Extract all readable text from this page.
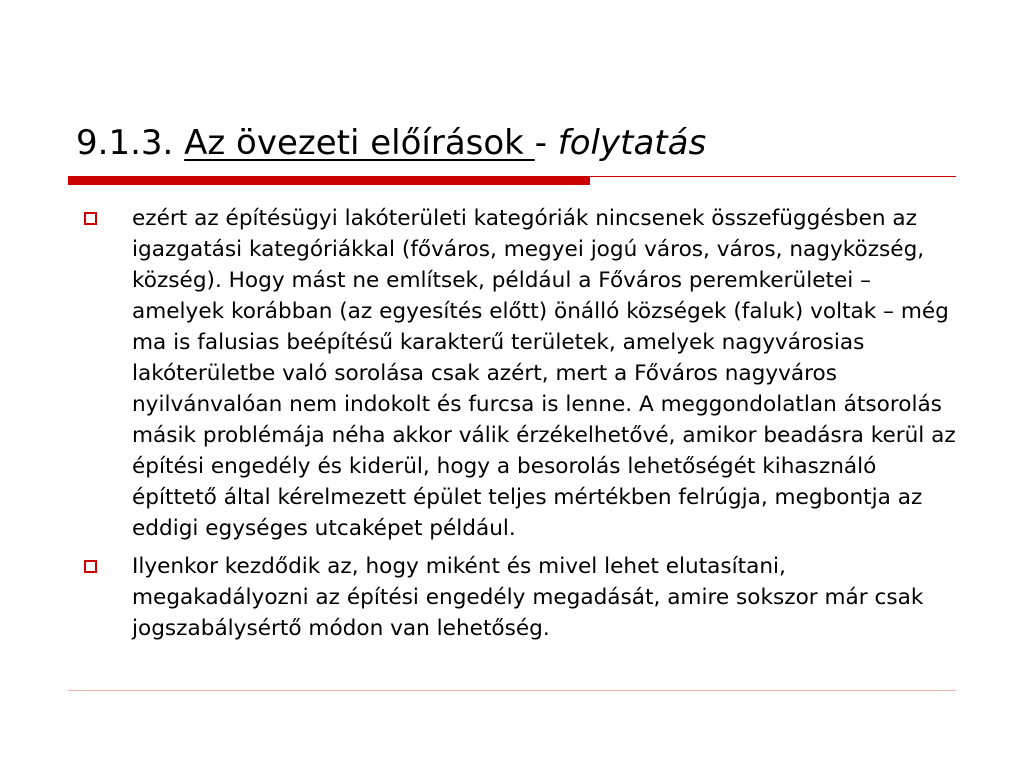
9.1.3. Az övezeti előírások - folytatás
ezért az építésügyi lakóterületi kategóriák nincsenek összefüggésben az igazgatási kategóriákkal (főváros, megyei jogú város, város, nagyközség, község). Hogy mást ne említsek, például a Főváros peremkerületei – amelyek korábban (az egyesítés előtt) önálló községek (faluk) voltak – még ma is falusias beépítésű karakterű területek, amelyek nagyvárosias lakóterületbe való sorolása csak azért, mert a Főváros nagyváros nyilvánvalóan nem indokolt és furcsa is lenne. A meggondolatlan átsorolás másik problémája néha akkor válik érzékelhetővé, amikor beadásra kerül az építési engedély és kiderül, hogy a besorolás lehetőségét kihasználó építtető által kérelmezett épület teljes mértékben felrúgja, megbontja az eddigi egységes utcaképet például.
Ilyenkor kezdődik az, hogy miként és mivel lehet elutasítani, megakadályozni az építési engedély megadását, amire sokszor már csak jogszabálysértő módon van lehetőség.
